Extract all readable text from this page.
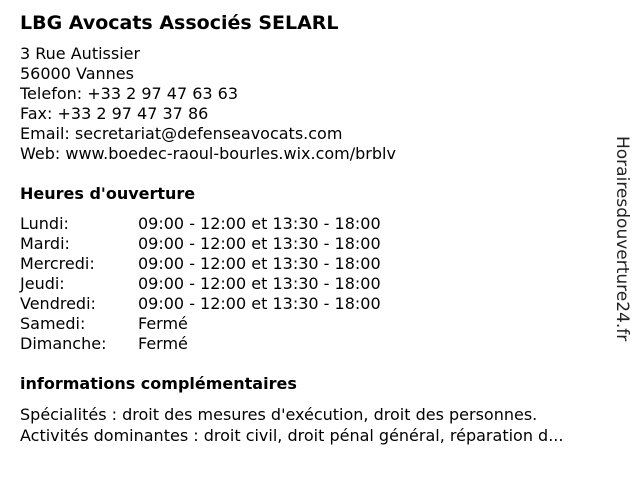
LBG Avocats Associés SELARL
3 Rue Autissier
56000 Vannes
Telefon: +33 2 97 47 63 63
Fax: +33 2 97 47 37 86
Email: secretariat@defenseavocats.com
Web: www.boedec-raoul-bourles.wix.com/brblv
Heures d'ouverture
Lundi:	09:00 - 12:00 et 13:30 - 18:00
Mardi:	09:00 - 12:00 et 13:30 - 18:00
Mercredi:	09:00 - 12:00 et 13:30 - 18:00
Jeudi:	09:00 - 12:00 et 13:30 - 18:00
Vendredi:	09:00 - 12:00 et 13:30 - 18:00
Samedi:	Fermé
Dimanche: Fermé
informations complémentaires
Spécialités : droit des mesures d'exécution, droit des personnes.
Activités dominantes : droit civil, droit pénal général, réparation d...
Horairesdouverture24.fr
